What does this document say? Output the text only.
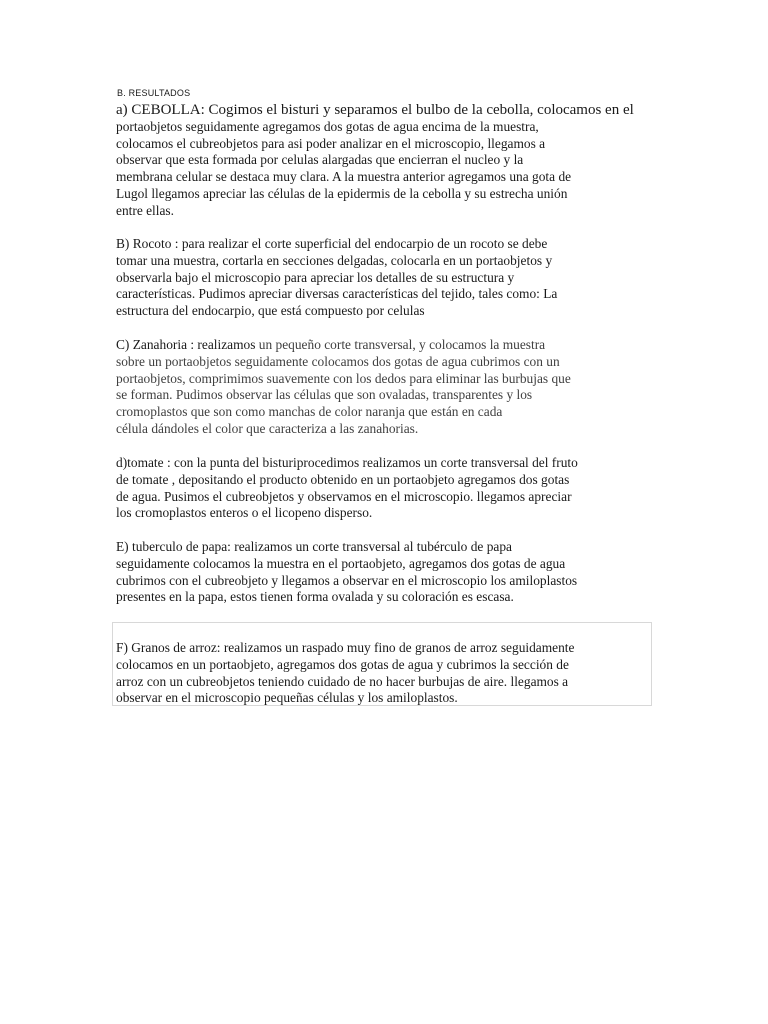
B. RESULTADOS

a) CEBOLLA: Cogimos el bisturi y separamos el bulbo de la cebolla, colocamos en el
portaobjetos seguidamente agregamos dos gotas de agua encima de la muestra,
colocamos el cubreobjetos para asi poder analizar en el microscopio, llegamos a
observar que esta formada por celulas alargadas que encierran el nucleo y la
membrana celular se destaca muy clara. A la muestra anterior agregamos una gota de
Lugol llegamos apreciar las células de la epidermis de la cebolla y su estrecha unión
entre ellas.

B) Rocoto : para realizar el corte superficial del endocarpio de un rocoto se debe
tomar una muestra, cortarla en secciones delgadas, colocarla en un portaobjetos y
observarla bajo el microscopio para apreciar los detalles de su estructura y
características. Pudimos apreciar diversas características del tejido, tales como: La
estructura del endocarpio, que está compuesto por celulas

C) Zanahoria : realizamos un pequeño corte transversal, y colocamos la muestra
sobre un portaobjetos seguidamente colocamos dos gotas de agua cubrimos con un
portaobjetos, comprimimos suavemente con los dedos para eliminar las burbujas que
se forman. Pudimos observar las células que son ovaladas, transparentes y los
cromoplastos que son como manchas de color naranja que están en cada
célula dándoles el color que caracteriza a las zanahorias.

d)tomate : con la punta del bisturiprocedimos realizamos un corte transversal del fruto
de tomate , depositando el producto obtenido en un portaobjeto agregamos dos gotas
de agua. Pusimos el cubreobjetos y observamos en el microscopio. llegamos apreciar
los cromoplastos enteros o el licopeno disperso.

E) tuberculo de papa: realizamos un corte transversal al tubérculo de papa
seguidamente colocamos la muestra en el portaobjeto, agregamos dos gotas de agua
cubrimos con el cubreobjeto y llegamos a observar en el microscopio los amiloplastos
presentes en la papa, estos tienen forma ovalada y su coloración es escasa.

F) Granos de arroz: realizamos un raspado muy fino de granos de arroz seguidamente
colocamos en un portaobjeto, agregamos dos gotas de agua y cubrimos la sección de
arroz con un cubreobjetos teniendo cuidado de no hacer burbujas de aire. llegamos a
observar en el microscopio pequeñas células y los amiloplastos.
